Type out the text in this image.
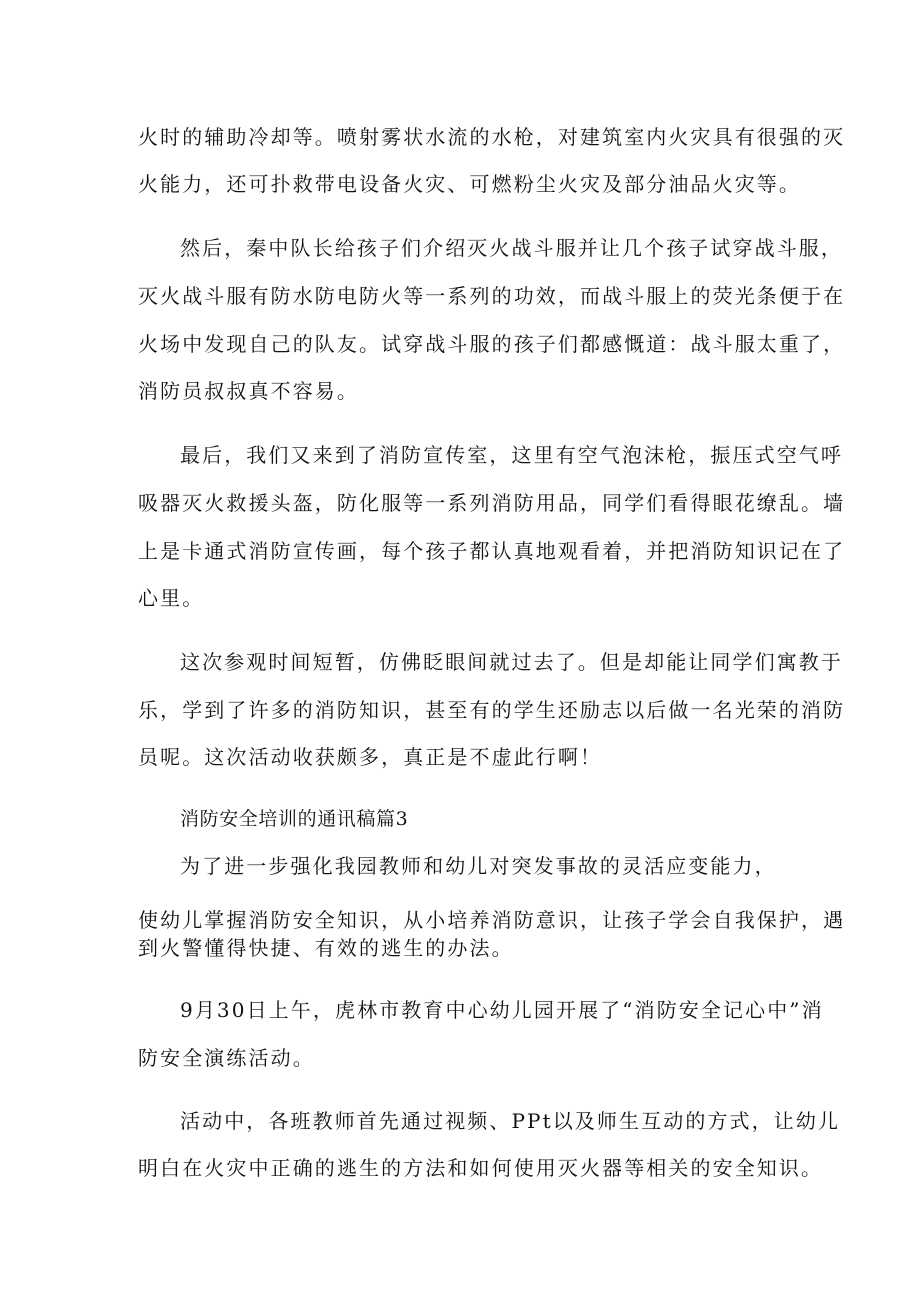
火时的辅助冷却等。喷射雾状水流的水枪，对建筑室内火灾具有很强的灭

火能力，还可扑救带电设备火灾、可燃粉尘火灾及部分油品火灾等。

然后，秦中队长给孩子们介绍灭火战斗服并让几个孩子试穿战斗服，

灭火战斗服有防水防电防火等一系列的功效，而战斗服上的荧光条便于在

火场中发现自己的队友。试穿战斗服的孩子们都感慨道：战斗服太重了，

消防员叔叔真不容易。

最后，我们又来到了消防宣传室，这里有空气泡沫枪，振压式空气呼

吸器灭火救援头盔，防化服等一系列消防用品，同学们看得眼花缭乱。墙

上是卡通式消防宣传画，每个孩子都认真地观看着，并把消防知识记在了

心里。

这次参观时间短暂，仿佛眨眼间就过去了。但是却能让同学们寓教于

乐，学到了许多的消防知识，甚至有的学生还励志以后做一名光荣的消防

员呢。这次活动收获颇多，真正是不虚此行啊！

消防安全培训的通讯稿篇3

为了进一步强化我园教师和幼儿对突发事故的灵活应变能力，

使幼儿掌握消防安全知识，从小培养消防意识，让孩子学会自我保护，遇

到火警懂得快捷、有效的逃生的办法。

9月30日上午，虎林市教育中心幼儿园开展了“消防安全记心中”消

防安全演练活动。

活动中，各班教师首先通过视频、PPt以及师生互动的方式，让幼儿

明白在火灾中正确的逃生的方法和如何使用灭火器等相关的安全知识。
